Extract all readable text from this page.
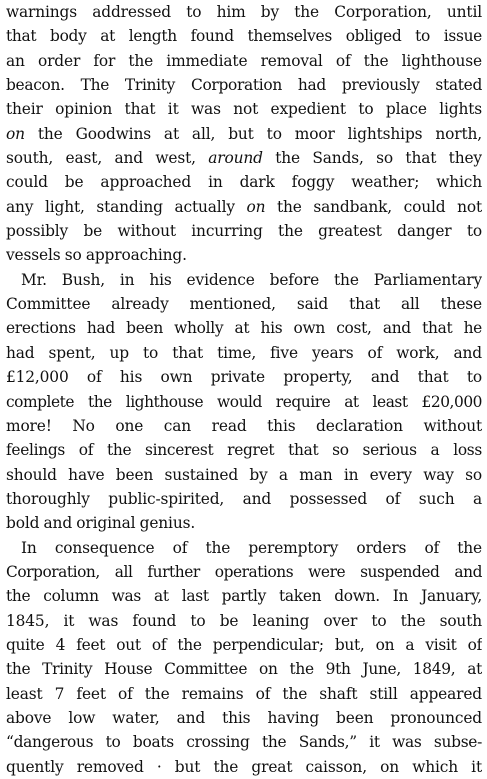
warnings addressed to him by the Corporation, until
that body at length found themselves obliged to issue
an order for the immediate removal of the lighthouse
beacon. The Trinity Corporation had previously stated
their opinion that it was not expedient to place lights
on the Goodwins at all, but to moor lightships north,
south, east, and west, around the Sands, so that they
could be approached in dark foggy weather; which
any light, standing actually on the sandbank, could not
possibly be without incurring the greatest danger to
vessels so approaching.
Mr. Bush, in his evidence before the Parliamentary
Committee already mentioned, said that all these
erections had been wholly at his own cost, and that he
had spent, up to that time, five years of work, and
£12,000 of his own private property, and that to
complete the lighthouse would require at least £20,000
more! No one can read this declaration without
feelings of the sincerest regret that so serious a loss
should have been sustained by a man in every way so
thoroughly public-spirited, and possessed of such a
bold and original genius.
In consequence of the peremptory orders of the
Corporation, all further operations were suspended and
the column was at last partly taken down. In January,
1845, it was found to be leaning over to the south
quite 4 feet out of the perpendicular; but, on a visit of
the Trinity House Committee on the 9th June, 1849, at
least 7 feet of the remains of the shaft still appeared
above low water, and this having been pronounced
“dangerous to boats crossing the Sands,” it was subse-
quently removed · but the great caisson, on which it
